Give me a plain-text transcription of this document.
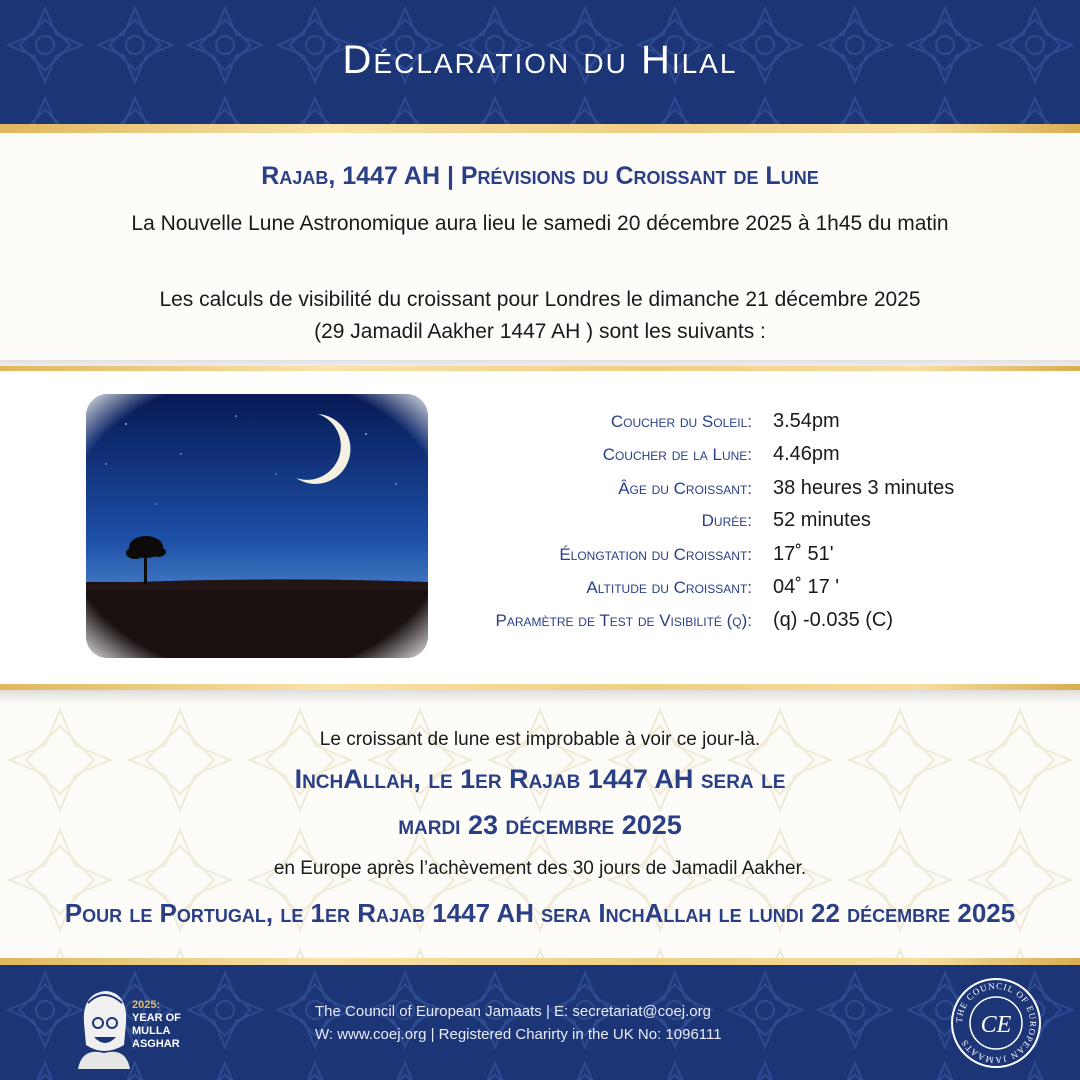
Déclaration du Hilal
Rajab, 1447 AH | Prévisions du Croissant de Lune

La Nouvelle Lune Astronomique aura lieu le samedi 20 décembre 2025 à 1h45 du matin

Les calculs de visibilité du croissant pour Londres le dimanche 21 décembre 2025

(29 Jamadil Aakher 1447 AH ) sont les suivants :

Coucher du Soleil: 3.54pm
Coucher de la Lune: 4.46pm
Âge du Croissant: 38 heures 3 minutes
Durée: 52 minutes
Élongtation du Croissant: 17˚ 51'
Altitude du Croissant: 04˚ 17 '
Paramètre de Test de Visibilité (q): (q) -0.035 (C)

Le croissant de lune est improbable à voir ce jour-là.

InchAllah, le 1er Rajab 1447 AH sera le
mardi 23 décembre 2025

en Europe après l’achèvement des 30 jours de Jamadil Aakher.

Pour le Portugal, le 1er Rajab 1447 AH sera InchAllah le lundi 22 décembre 2025
2025:
YEAR OF
MULLA
ASGHAR

The Council of European Jamaats | E: secretariat@coej.org

W: www.coej.org | Registered Charirty in the UK No: 1096111

THE COUNCIL OF EUROPEAN JAMAATS
CE
